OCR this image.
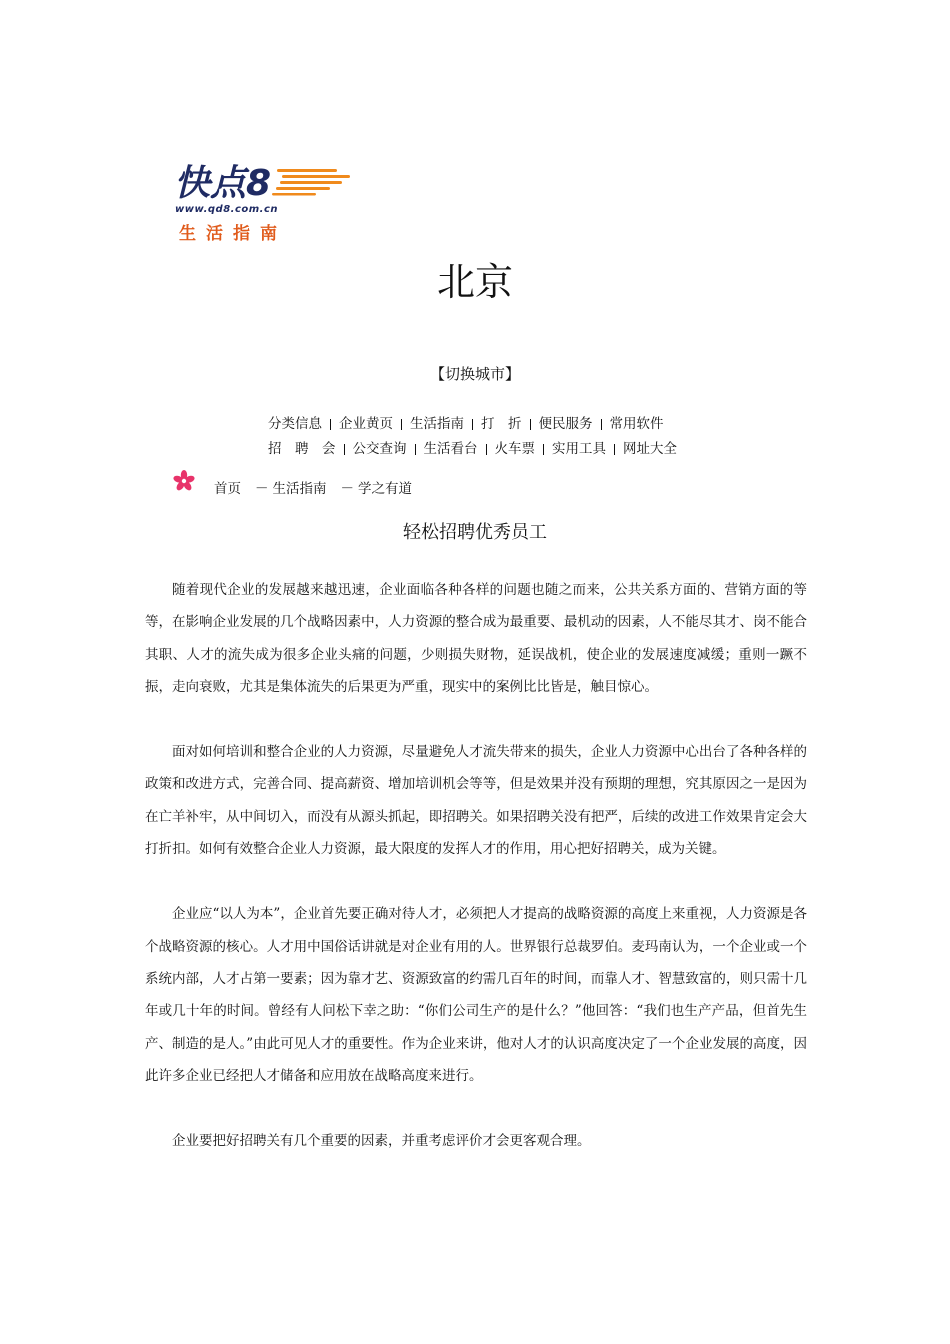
快点8
www.qd8.com.cn
生活指南
北京
【切换城市】
分类信息 企业黄页 生活指南 打　折 便民服务 常用软件
招　聘　会 公交查询 生活看台 火车票 实用工具 网址大全
首页 － 生活指南 － 学之有道
轻松招聘优秀员工

随着现代企业的发展越来越迅速，企业面临各种各样的问题也随之而来，公共关系方面的、营销方面的等等，在影响企业发展的几个战略因素中，人力资源的整合成为最重要、最机动的因素，人不能尽其才、岗不能合其职、人才的流失成为很多企业头痛的问题，少则损失财物，延误战机，使企业的发展速度减缓；重则一蹶不振，走向衰败，尤其是集体流失的后果更为严重，现实中的案例比比皆是，触目惊心。

面对如何培训和整合企业的人力资源，尽量避免人才流失带来的损失，企业人力资源中心出台了各种各样的政策和改进方式，完善合同、提高薪资、增加培训机会等等，但是效果并没有预期的理想，究其原因之一是因为在亡羊补牢，从中间切入，而没有从源头抓起，即招聘关。如果招聘关没有把严，后续的改进工作效果肯定会大打折扣。如何有效整合企业人力资源，最大限度的发挥人才的作用，用心把好招聘关，成为关键。

企业应“以人为本”，企业首先要正确对待人才，必须把人才提高的战略资源的高度上来重视，人力资源是各个战略资源的核心。人才用中国俗话讲就是对企业有用的人。世界银行总裁罗伯。麦玛南认为，一个企业或一个系统内部，人才占第一要素；因为靠才艺、资源致富的约需几百年的时间，而靠人才、智慧致富的，则只需十几年或几十年的时间。曾经有人问松下幸之助：“你们公司生产的是什么？”他回答：“我们也生产产品，但首先生产、制造的是人。”由此可见人才的重要性。作为企业来讲，他对人才的认识高度决定了一个企业发展的高度，因此许多企业已经把人才储备和应用放在战略高度来进行。

企业要把好招聘关有几个重要的因素，并重考虑评价才会更客观合理。
